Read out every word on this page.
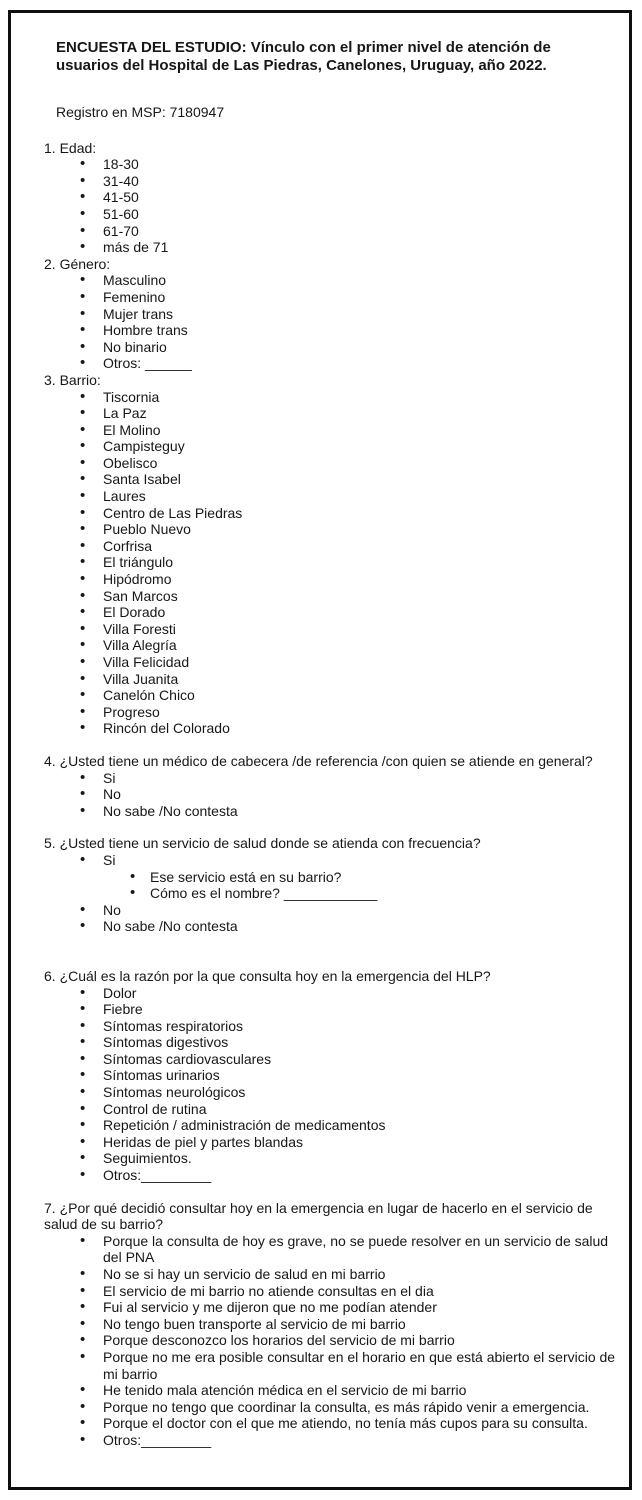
ENCUESTA DEL ESTUDIO: Vínculo con el primer nivel de atención de usuarios del Hospital de Las Piedras, Canelones, Uruguay, año 2022.

Registro en MSP: 7180947

1. Edad:

• 18-30
• 31-40
• 41-50
• 51-60
• 61-70
• más de 71

2. Género:

• Masculino
• Femenino
• Mujer trans
• Hombre trans
• No binario
• Otros: ______

3. Barrio:

• Tiscornia
• La Paz
• El Molino
• Campisteguy
• Obelisco
• Santa Isabel
• Laures
• Centro de Las Piedras
• Pueblo Nuevo
• Corfrisa
• El triángulo
• Hipódromo
• San Marcos
• El Dorado
• Villa Foresti
• Villa Alegría
• Villa Felicidad
• Villa Juanita
• Canelón Chico
• Progreso
• Rincón del Colorado

4. ¿Usted tiene un médico de cabecera /de referencia /con quien se atiende en general?

• Si
• No
• No sabe /No contesta

5. ¿Usted tiene un servicio de salud donde se atienda con frecuencia?

• Si
• Ese servicio está en su barrio?
• Cómo es el nombre? ____________
• No
• No sabe /No contesta

6. ¿Cuál es la razón por la que consulta hoy en la emergencia del HLP?

• Dolor
• Fiebre
• Síntomas respiratorios
• Síntomas digestivos
• Síntomas cardiovasculares
• Síntomas urinarios
• Síntomas neurológicos
• Control de rutina
• Repetición / administración de medicamentos
• Heridas de piel y partes blandas
• Seguimientos.
• Otros:_________

7. ¿Por qué decidió consultar hoy en la emergencia en lugar de hacerlo en el servicio de salud de su barrio?

• Porque la consulta de hoy es grave, no se puede resolver en un servicio de salud del PNA
• No se si hay un servicio de salud en mi barrio
• El servicio de mi barrio no atiende consultas en el dia
• Fui al servicio y me dijeron que no me podían atender
• No tengo buen transporte al servicio de mi barrio
• Porque desconozco los horarios del servicio de mi barrio
• Porque no me era posible consultar en el horario en que está abierto el servicio de mi barrio
• He tenido mala atención médica en el servicio de mi barrio
• Porque no tengo que coordinar la consulta, es más rápido venir a emergencia.
• Porque el doctor con el que me atiendo, no tenía más cupos para su consulta.
• Otros:_________
